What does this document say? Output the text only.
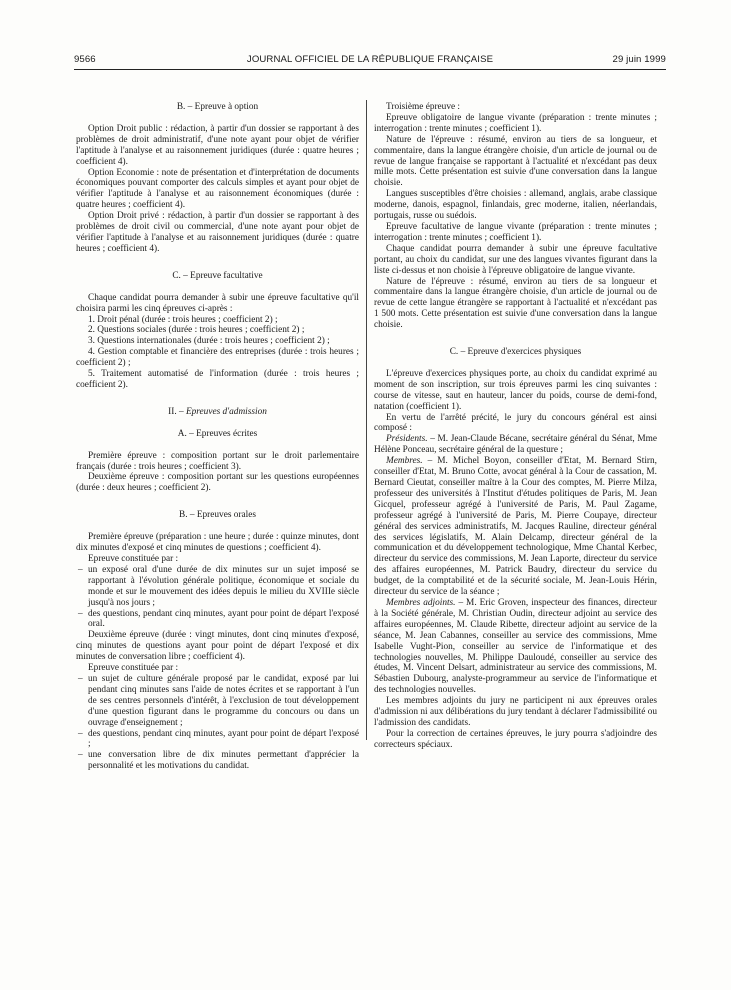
9566	JOURNAL OFFICIEL DE LA RÉPUBLIQUE FRANÇAISE	29 juin 1999

B. – Epreuve à option

Option Droit public : rédaction, à partir d'un dossier se rapportant à des problèmes de droit administratif, d'une note ayant pour objet de vérifier l'aptitude à l'analyse et au raisonnement juridiques (durée : quatre heures ; coefficient 4).

Option Economie : note de présentation et d'interprétation de documents économiques pouvant comporter des calculs simples et ayant pour objet de vérifier l'aptitude à l'analyse et au raisonnement économiques (durée : quatre heures ; coefficient 4).

Option Droit privé : rédaction, à partir d'un dossier se rapportant à des problèmes de droit civil ou commercial, d'une note ayant pour objet de vérifier l'aptitude à l'analyse et au raisonnement juridiques (durée : quatre heures ; coefficient 4).

C. – Epreuve facultative

Chaque candidat pourra demander à subir une épreuve facultative qu'il choisira parmi les cinq épreuves ci-après :

1. Droit pénal (durée : trois heures ; coefficient 2) ;
2. Questions sociales (durée : trois heures ; coefficient 2) ;
3. Questions internationales (durée : trois heures ; coefficient 2) ;
4. Gestion comptable et financière des entreprises (durée : trois heures ; coefficient 2) ;
5. Traitement automatisé de l'information (durée : trois heures ; coefficient 2).

II. – Epreuves d'admission

A. – Epreuves écrites

Première épreuve : composition portant sur le droit parlementaire français (durée : trois heures ; coefficient 3).

Deuxième épreuve : composition portant sur les questions européennes (durée : deux heures ; coefficient 2).

B. – Epreuves orales

Première épreuve (préparation : une heure ; durée : quinze minutes, dont dix minutes d'exposé et cinq minutes de questions ; coefficient 4).

Epreuve constituée par :

– un exposé oral d'une durée de dix minutes sur un sujet imposé se rapportant à l'évolution générale politique, économique et sociale du monde et sur le mouvement des idées depuis le milieu du XVIIIe siècle jusqu'à nos jours ;
– des questions, pendant cinq minutes, ayant pour point de départ l'exposé oral.

Deuxième épreuve (durée : vingt minutes, dont cinq minutes d'exposé, cinq minutes de questions ayant pour point de départ l'exposé et dix minutes de conversation libre ; coefficient 4).

Epreuve constituée par :

– un sujet de culture générale proposé par le candidat, exposé par lui pendant cinq minutes sans l'aide de notes écrites et se rapportant à l'un de ses centres personnels d'intérêt, à l'exclusion de tout développement d'une question figurant dans le programme du concours ou dans un ouvrage d'enseignement ;
– des questions, pendant cinq minutes, ayant pour point de départ l'exposé ;
– une conversation libre de dix minutes permettant d'apprécier la personnalité et les motivations du candidat.

Troisième épreuve :

Epreuve obligatoire de langue vivante (préparation : trente minutes ; interrogation : trente minutes ; coefficient 1).

Nature de l'épreuve : résumé, environ au tiers de sa longueur, et commentaire, dans la langue étrangère choisie, d'un article de journal ou de revue de langue française se rapportant à l'actualité et n'excédant pas deux mille mots. Cette présentation est suivie d'une conversation dans la langue choisie.

Langues susceptibles d'être choisies : allemand, anglais, arabe classique moderne, danois, espagnol, finlandais, grec moderne, italien, néerlandais, portugais, russe ou suédois.

Epreuve facultative de langue vivante (préparation : trente minutes ; interrogation : trente minutes ; coefficient 1).

Chaque candidat pourra demander à subir une épreuve facultative portant, au choix du candidat, sur une des langues vivantes figurant dans la liste ci-dessus et non choisie à l'épreuve obligatoire de langue vivante.

Nature de l'épreuve : résumé, environ au tiers de sa longueur et commentaire dans la langue étrangère choisie, d'un article de journal ou de revue de cette langue étrangère se rapportant à l'actualité et n'excédant pas 1 500 mots. Cette présentation est suivie d'une conversation dans la langue choisie.

C. – Epreuve d'exercices physiques

L'épreuve d'exercices physiques porte, au choix du candidat exprimé au moment de son inscription, sur trois épreuves parmi les cinq suivantes : course de vitesse, saut en hauteur, lancer du poids, course de demi-fond, natation (coefficient 1).

En vertu de l'arrêté précité, le jury du concours général est ainsi composé :

Présidents. – M. Jean-Claude Bécane, secrétaire général du Sénat, Mme Hélène Ponceau, secrétaire général de la questure ;

Membres. – M. Michel Boyon, conseiller d'Etat, M. Bernard Stirn, conseiller d'Etat, M. Bruno Cotte, avocat général à la Cour de cassation, M. Bernard Cieutat, conseiller maître à la Cour des comptes, M. Pierre Milza, professeur des universités à l'Institut d'études politiques de Paris, M. Jean Gicquel, professeur agrégé à l'université de Paris, M. Paul Zagame, professeur agrégé à l'université de Paris, M. Pierre Coupaye, directeur général des services administratifs, M. Jacques Rauline, directeur général des services législatifs, M. Alain Delcamp, directeur général de la communication et du développement technologique, Mme Chantal Kerbec, directeur du service des commissions, M. Jean Laporte, directeur du service des affaires européennes, M. Patrick Baudry, directeur du service du budget, de la comptabilité et de la sécurité sociale, M. Jean-Louis Hérin, directeur du service de la séance ;

Membres adjoints. – M. Eric Groven, inspecteur des finances, directeur à la Société générale, M. Christian Oudin, directeur adjoint au service des affaires européennes, M. Claude Ribette, directeur adjoint au service de la séance, M. Jean Cabannes, conseiller au service des commissions, Mme Isabelle Vught-Pion, conseiller au service de l'informatique et des technologies nouvelles, M. Philippe Dauloudé, conseiller au service des études, M. Vincent Delsart, administrateur au service des commissions, M. Sébastien Dubourg, analyste-programmeur au service de l'informatique et des technologies nouvelles.

Les membres adjoints du jury ne participent ni aux épreuves orales d'admission ni aux délibérations du jury tendant à déclarer l'admissibilité ou l'admission des candidats.

Pour la correction de certaines épreuves, le jury pourra s'adjoindre des correcteurs spéciaux.
